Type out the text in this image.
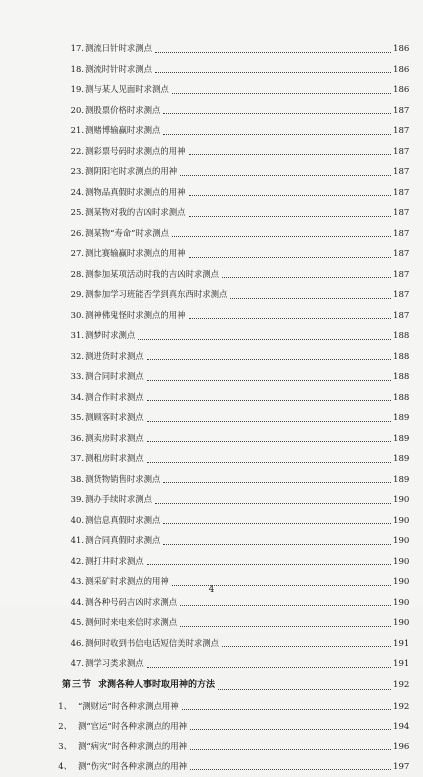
17. 测流日针时求测点	186
18. 测流时针时求测点	186
19. 测与某人见面时求测点	186
20. 测股票价格时求测点	187
21. 测赌博输赢时求测点	187
22. 测彩票号码时求测点的用神	187
23. 测阴阳宅时求测点的用神	187
24. 测物品真假时求测点的用神	187
25. 测某物对我的吉凶时求测点	187
26. 测某物“寿命”时求测点	187
27. 测比赛输赢时求测点的用神	187
28. 测参加某项活动时我的吉凶时求测点	187
29. 测参加学习班能否学到真东西时求测点	187
30. 测神佛鬼怪时求测点的用神	187
31. 测梦时求测点	188
32. 测进货时求测点	188
33. 测合同时求测点	188
34. 测合作时求测点	188
35. 测顾客时求测点	189
36. 测卖房时求测点	189
37. 测租房时求测点	189
38. 测货物销售时求测点	189
39. 测办手续时求测点	190
40. 测信息真假时求测点	190
41. 测合同真假时求测点	190
42. 测打井时求测点	190
43. 测采矿时求测点的用神	190
44. 测各种号码吉凶时求测点	190
45. 测何时来电来信时求测点	190
46. 测何时收到书信电话短信美时求测点	191
47. 测学习类求测点	191
第三节 求测各种人事时取用神的方法	192
1、 “测财运”时各种求测点用神	192
2、 测“官运”时各种求测点的用神	194
3、 测“病灾”时各种求测点的用神	196
4、 测“伤灾”时各种求测点的用神	197
4
